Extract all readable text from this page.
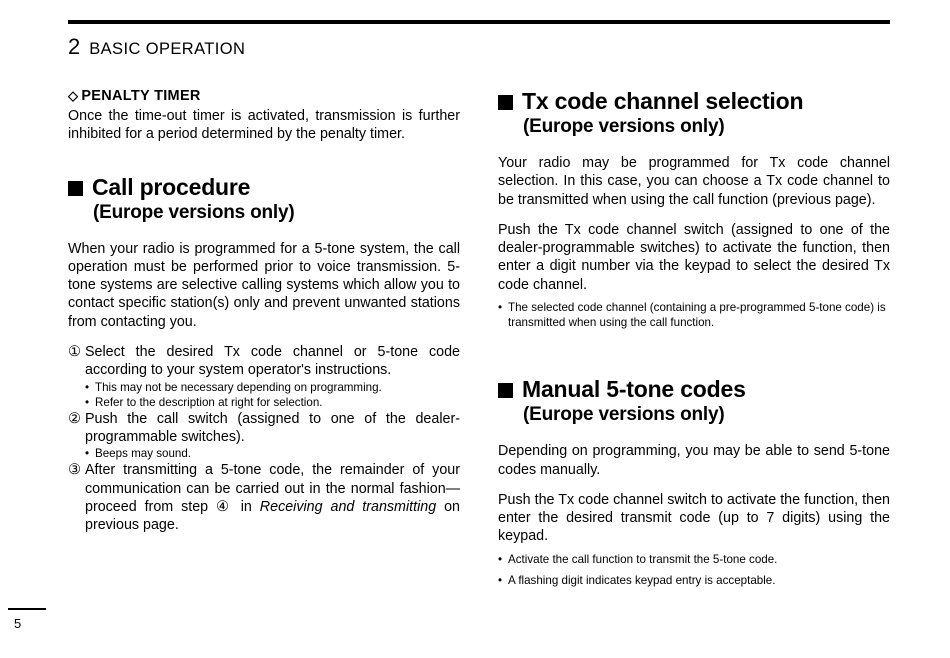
2 BASIC OPERATION
◇ PENALTY TIMER

Once the time-out timer is activated, transmission is further inhibited for a period determined by the penalty timer.

Call procedure
(Europe versions only)

When your radio is programmed for a 5-tone system, the call operation must be performed prior to voice transmission. 5-tone systems are selective calling systems which allow you to contact specific station(s) only and prevent unwanted stations from contacting you.

① Select the desired Tx code channel or 5-tone code according to your system operator's instructions.
• This may not be necessary depending on programming.
• Refer to the description at right for selection.
② Push the call switch (assigned to one of the dealer-programmable switches).
• Beeps may sound.
③ After transmitting a 5-tone code, the remainder of your communication can be carried out in the normal fashion—proceed from step ④ in Receiving and transmitting on previous page.
Tx code channel selection
(Europe versions only)

Your radio may be programmed for Tx code channel selection. In this case, you can choose a Tx code channel to be transmitted when using the call function (previous page).

Push the Tx code channel switch (assigned to one of the dealer-programmable switches) to activate the function, then enter a digit number via the keypad to select the desired Tx code channel.

• The selected code channel (containing a pre-programmed 5-tone code) is transmitted when using the call function.
Manual 5-tone codes
(Europe versions only)

Depending on programming, you may be able to send 5-tone codes manually.

Push the Tx code channel switch to activate the function, then enter the desired transmit code (up to 7 digits) using the keypad.

• Activate the call function to transmit the 5-tone code.
• A flashing digit indicates keypad entry is acceptable.
5
